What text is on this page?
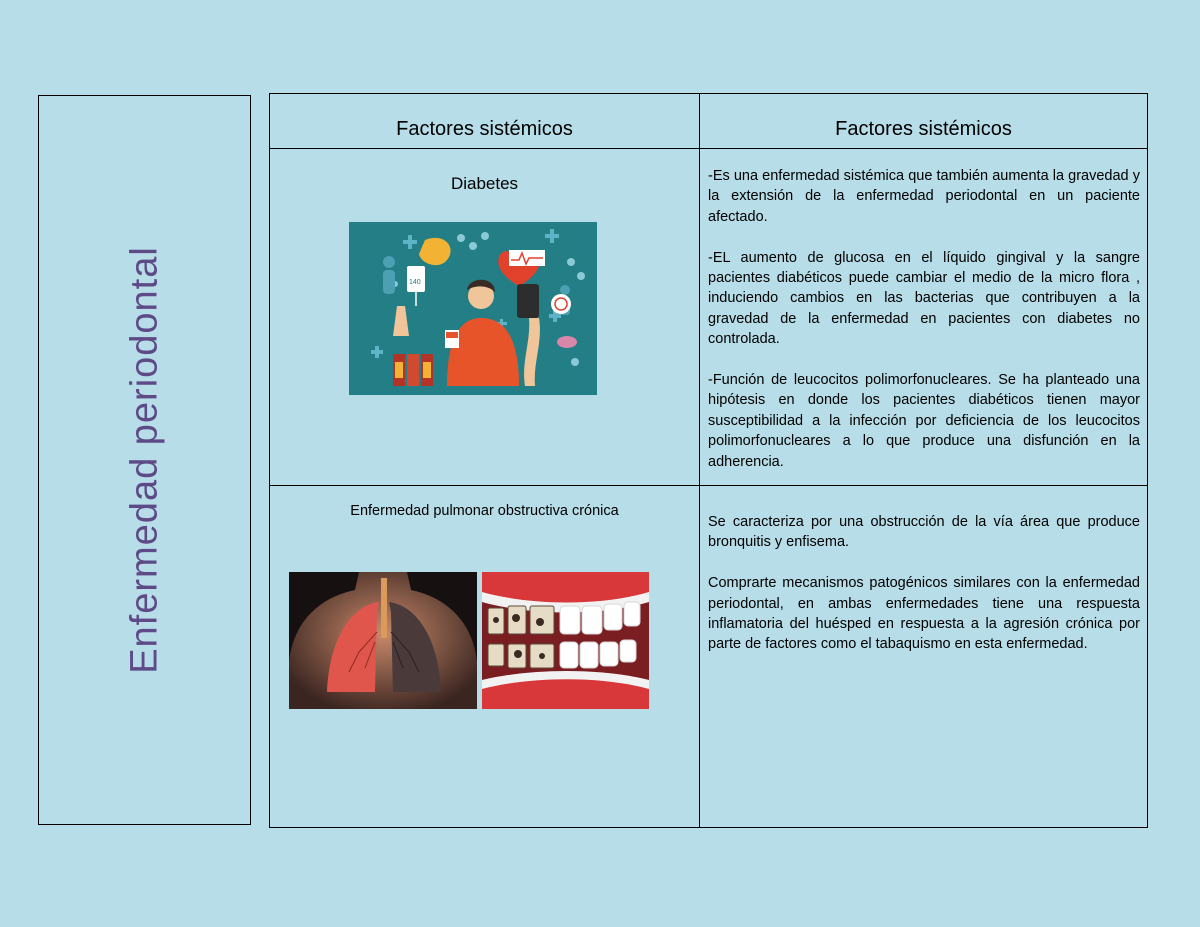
Enfermedad periodontal
Factores sistémicos	Factores sistémicos
Diabetes
140

-Es una enfermedad sistémica que también aumenta la gravedad y la extensión de la enfermedad periodontal en un paciente afectado.

-EL aumento de glucosa en el líquido gingival y la sangre pacientes diabéticos puede cambiar el medio de la micro flora , induciendo cambios en las bacterias que contribuyen a la gravedad de la enfermedad en pacientes con diabetes no controlada.

-Función de leucocitos polimorfonucleares. Se ha planteado una hipótesis en donde los pacientes diabéticos tienen mayor susceptibilidad a la infección por deficiencia de los leucocitos polimorfonucleares a lo que produce una disfunción en la adherencia.

Enfermedad pulmonar obstructiva crónica

Se caracteriza por una obstrucción de la vía área que produce bronquitis y enfisema.

Comprarte mecanismos patogénicos similares con la enfermedad periodontal, en ambas enfermedades tiene una respuesta inflamatoria del huésped en respuesta a la agresión crónica por parte de factores como el tabaquismo en esta enfermedad.
